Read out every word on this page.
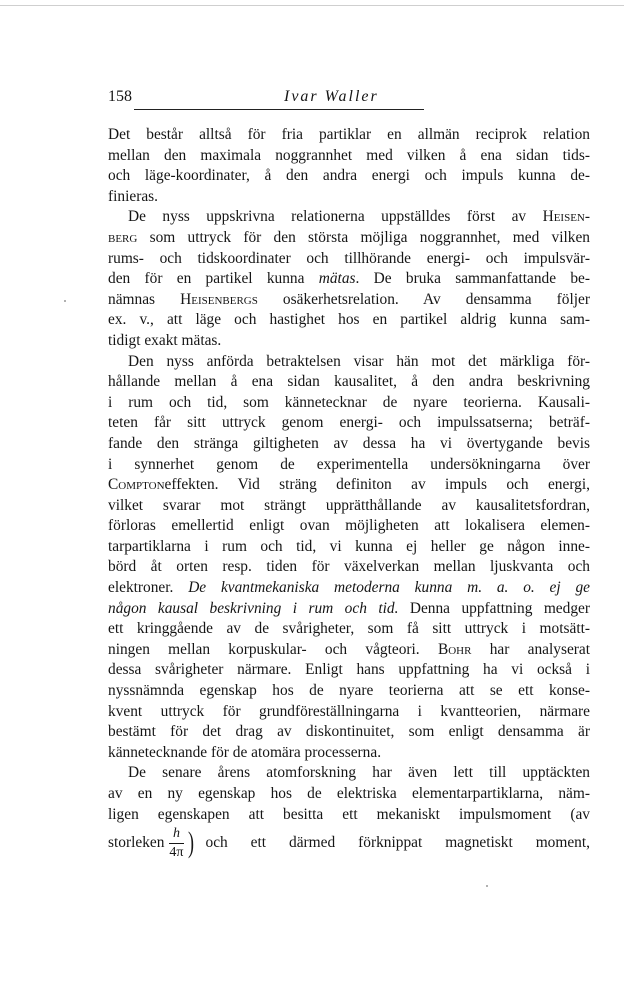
158	Ivar Waller
Det består alltså för fria partiklar en allmän reciprok relation
mellan den maximala noggrannhet med vilken å ena sidan tids-
och läge-koordinater, å den andra energi och impuls kunna de-
finieras.
De nyss uppskrivna relationerna uppställdes först av Heisen-
berg som uttryck för den största möjliga noggrannhet, med vilken
rums- och tidskoordinater och tillhörande energi- och impulsvär-
den för en partikel kunna mätas. De bruka sammanfattande be-
nämnas Heisenbergs osäkerhetsrelation. Av densamma följer
ex. v., att läge och hastighet hos en partikel aldrig kunna sam-
tidigt exakt mätas.
Den nyss anförda betraktelsen visar hän mot det märkliga för-
hållande mellan å ena sidan kausalitet, å den andra beskrivning
i rum och tid, som kännetecknar de nyare teorierna. Kausali-
teten får sitt uttryck genom energi- och impulssatserna; beträf-
fande den stränga giltigheten av dessa ha vi övertygande bevis
i synnerhet genom de experimentella undersökningarna över
Comptoneffekten. Vid sträng definiton av impuls och energi,
vilket svarar mot strängt upprätthållande av kausalitetsfordran,
förloras emellertid enligt ovan möjligheten att lokalisera elemen-
tarpartiklarna i rum och tid, vi kunna ej heller ge någon inne-
börd åt orten resp. tiden för växelverkan mellan ljuskvanta och
elektroner. De kvantmekaniska metoderna kunna m. a. o. ej ge
någon kausal beskrivning i rum och tid. Denna uppfattning medger
ett kringgående av de svårigheter, som få sitt uttryck i motsätt-
ningen mellan korpuskular- och vågteori. Bohr har analyserat
dessa svårigheter närmare. Enligt hans uppfattning ha vi också i
nyssnämnda egenskap hos de nyare teorierna att se ett konse-
kvent uttryck för grundföreställningarna i kvantteorien, närmare
bestämt för det drag av diskontinuitet, som enligt densamma är
kännetecknande för de atomära processerna.
De senare årens atomforskning har även lett till upptäckten
av en ny egenskap hos de elektriska elementarpartiklarna, näm-
ligen egenskapen att besitta ett mekaniskt impulsmoment (av
storleken $\frac{h}{4\pi}$ ) och ett därmed förknippat magnetiskt moment,
